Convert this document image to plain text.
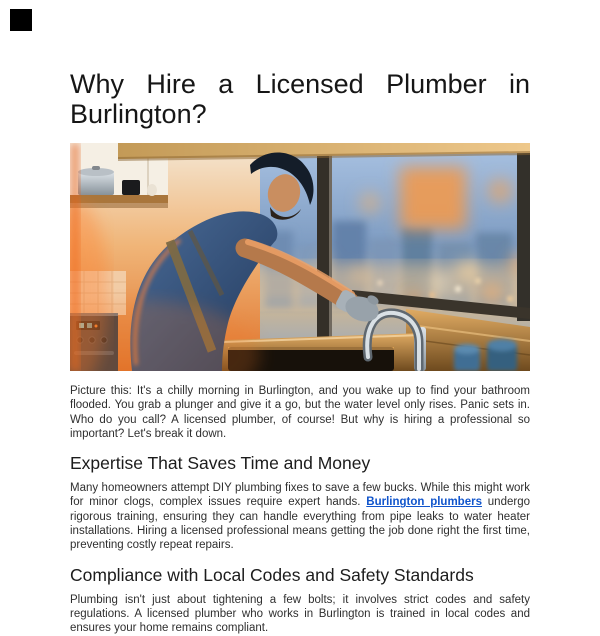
Why Hire a Licensed Plumber in Burlington?

Picture this: It's a chilly morning in Burlington, and you wake up to find your bathroom flooded. You grab a plunger and give it a go, but the water level only rises. Panic sets in. Who do you call? A licensed plumber, of course! But why is hiring a professional so important? Let's break it down.

Expertise That Saves Time and Money

Many homeowners attempt DIY plumbing fixes to save a few bucks. While this might work for minor clogs, complex issues require expert hands. Burlington plumbers undergo rigorous training, ensuring they can handle everything from pipe leaks to water heater installations. Hiring a licensed professional means getting the job done right the first time, preventing costly repeat repairs.

Compliance with Local Codes and Safety Standards

Plumbing isn't just about tightening a few bolts; it involves strict codes and safety regulations. A licensed plumber who works in Burlington is trained in local codes and ensures your home remains compliant.
